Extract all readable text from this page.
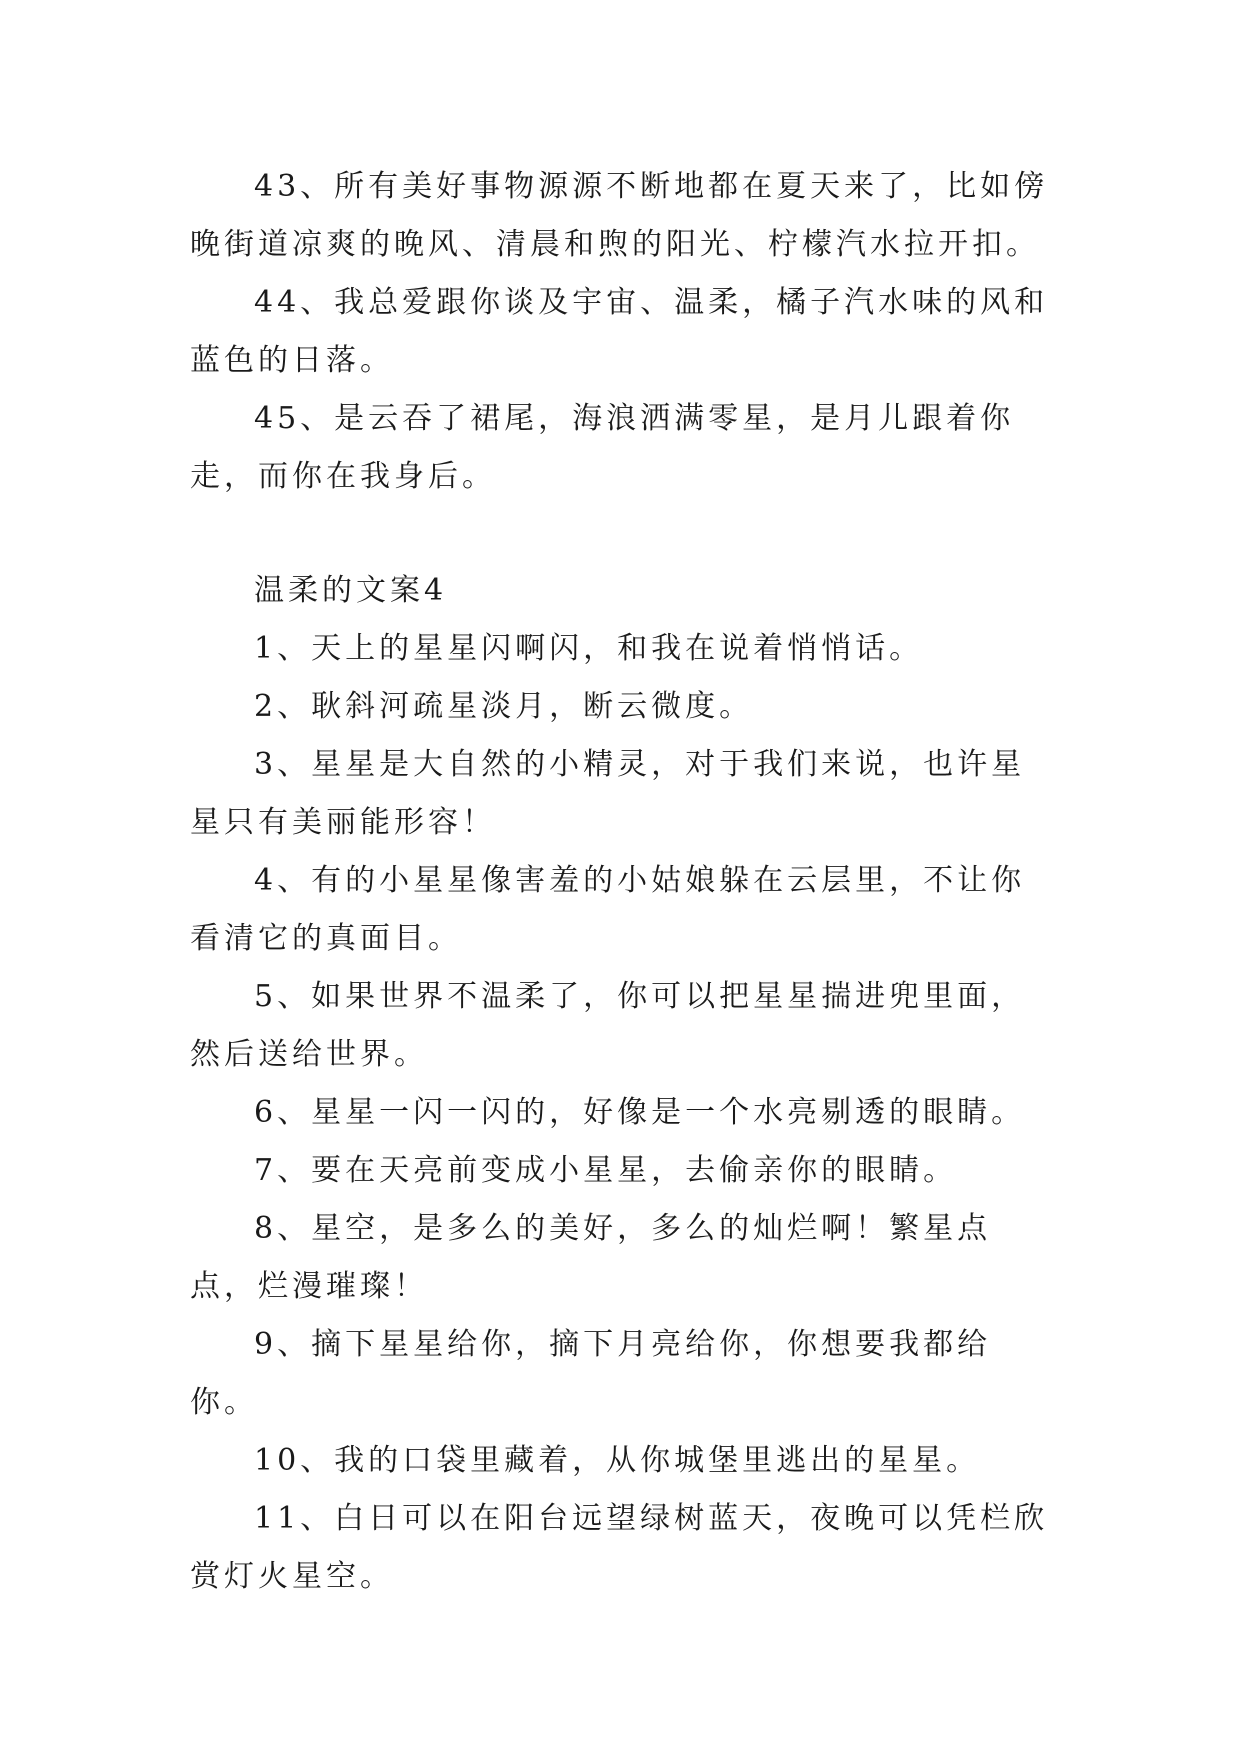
43、所有美好事物源源不断地都在夏天来了，比如傍晚街道凉爽的晚风、清晨和煦的阳光、柠檬汽水拉开扣。

44、我总爱跟你谈及宇宙、温柔，橘子汽水味的风和蓝色的日落。

45、是云吞了裙尾，海浪洒满零星，是月儿跟着你走，而你在我身后。

温柔的文案4

1、天上的星星闪啊闪，和我在说着悄悄话。

2、耿斜河疏星淡月，断云微度。

3、星星是大自然的小精灵，对于我们来说，也许星星只有美丽能形容！

4、有的小星星像害羞的小姑娘躲在云层里，不让你看清它的真面目。

5、如果世界不温柔了，你可以把星星揣进兜里面，然后送给世界。

6、星星一闪一闪的，好像是一个水亮剔透的眼睛。

7、要在天亮前变成小星星，去偷亲你的眼睛。

8、星空，是多么的美好，多么的灿烂啊！繁星点点，烂漫璀璨！

9、摘下星星给你，摘下月亮给你，你想要我都给你。

10、我的口袋里藏着，从你城堡里逃出的星星。

11、白日可以在阳台远望绿树蓝天，夜晚可以凭栏欣赏灯火星空。
